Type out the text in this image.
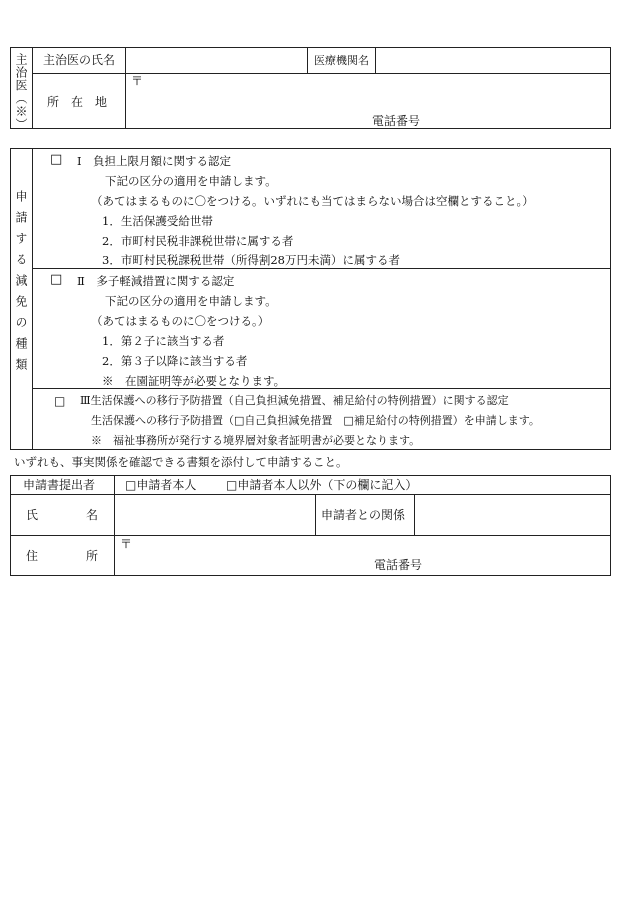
主治医（※） 主治医の氏名	医療機関名
所　在　地
〒
電話番号
申請する減免の種類
□ Ⅰ　負担上限月額に関する認定
下記の区分の適用を申請します。
（あてはまるものに〇をつける。いずれにも当てはまらない場合は空欄とすること。）
1．生活保護受給世帯
2．市町村民税非課税世帯に属する者
3．市町村民税課税世帯（所得割28万円未満）に属する者
□ Ⅱ　多子軽減措置に関する認定
下記の区分の適用を申請します。
（あてはまるものに〇をつける。）
1．第２子に該当する者
2．第３子以降に該当する者
※　在園証明等が必要となります。
□ Ⅲ生活保護への移行予防措置（自己負担減免措置、補足給付の特例措置）に関する認定
生活保護への移行予防措置（□自己負担減免措置　□補足給付の特例措置）を申請します。
※　福祉事務所が発行する境界層対象者証明書が必要となります。
いずれも、事実関係を確認できる書類を添付して申請すること。
申請書提出者 □申請者本人 □申請者本人以外（下の欄に記入）
氏　　　名	申請者との関係
住　　　所
〒
電話番号
